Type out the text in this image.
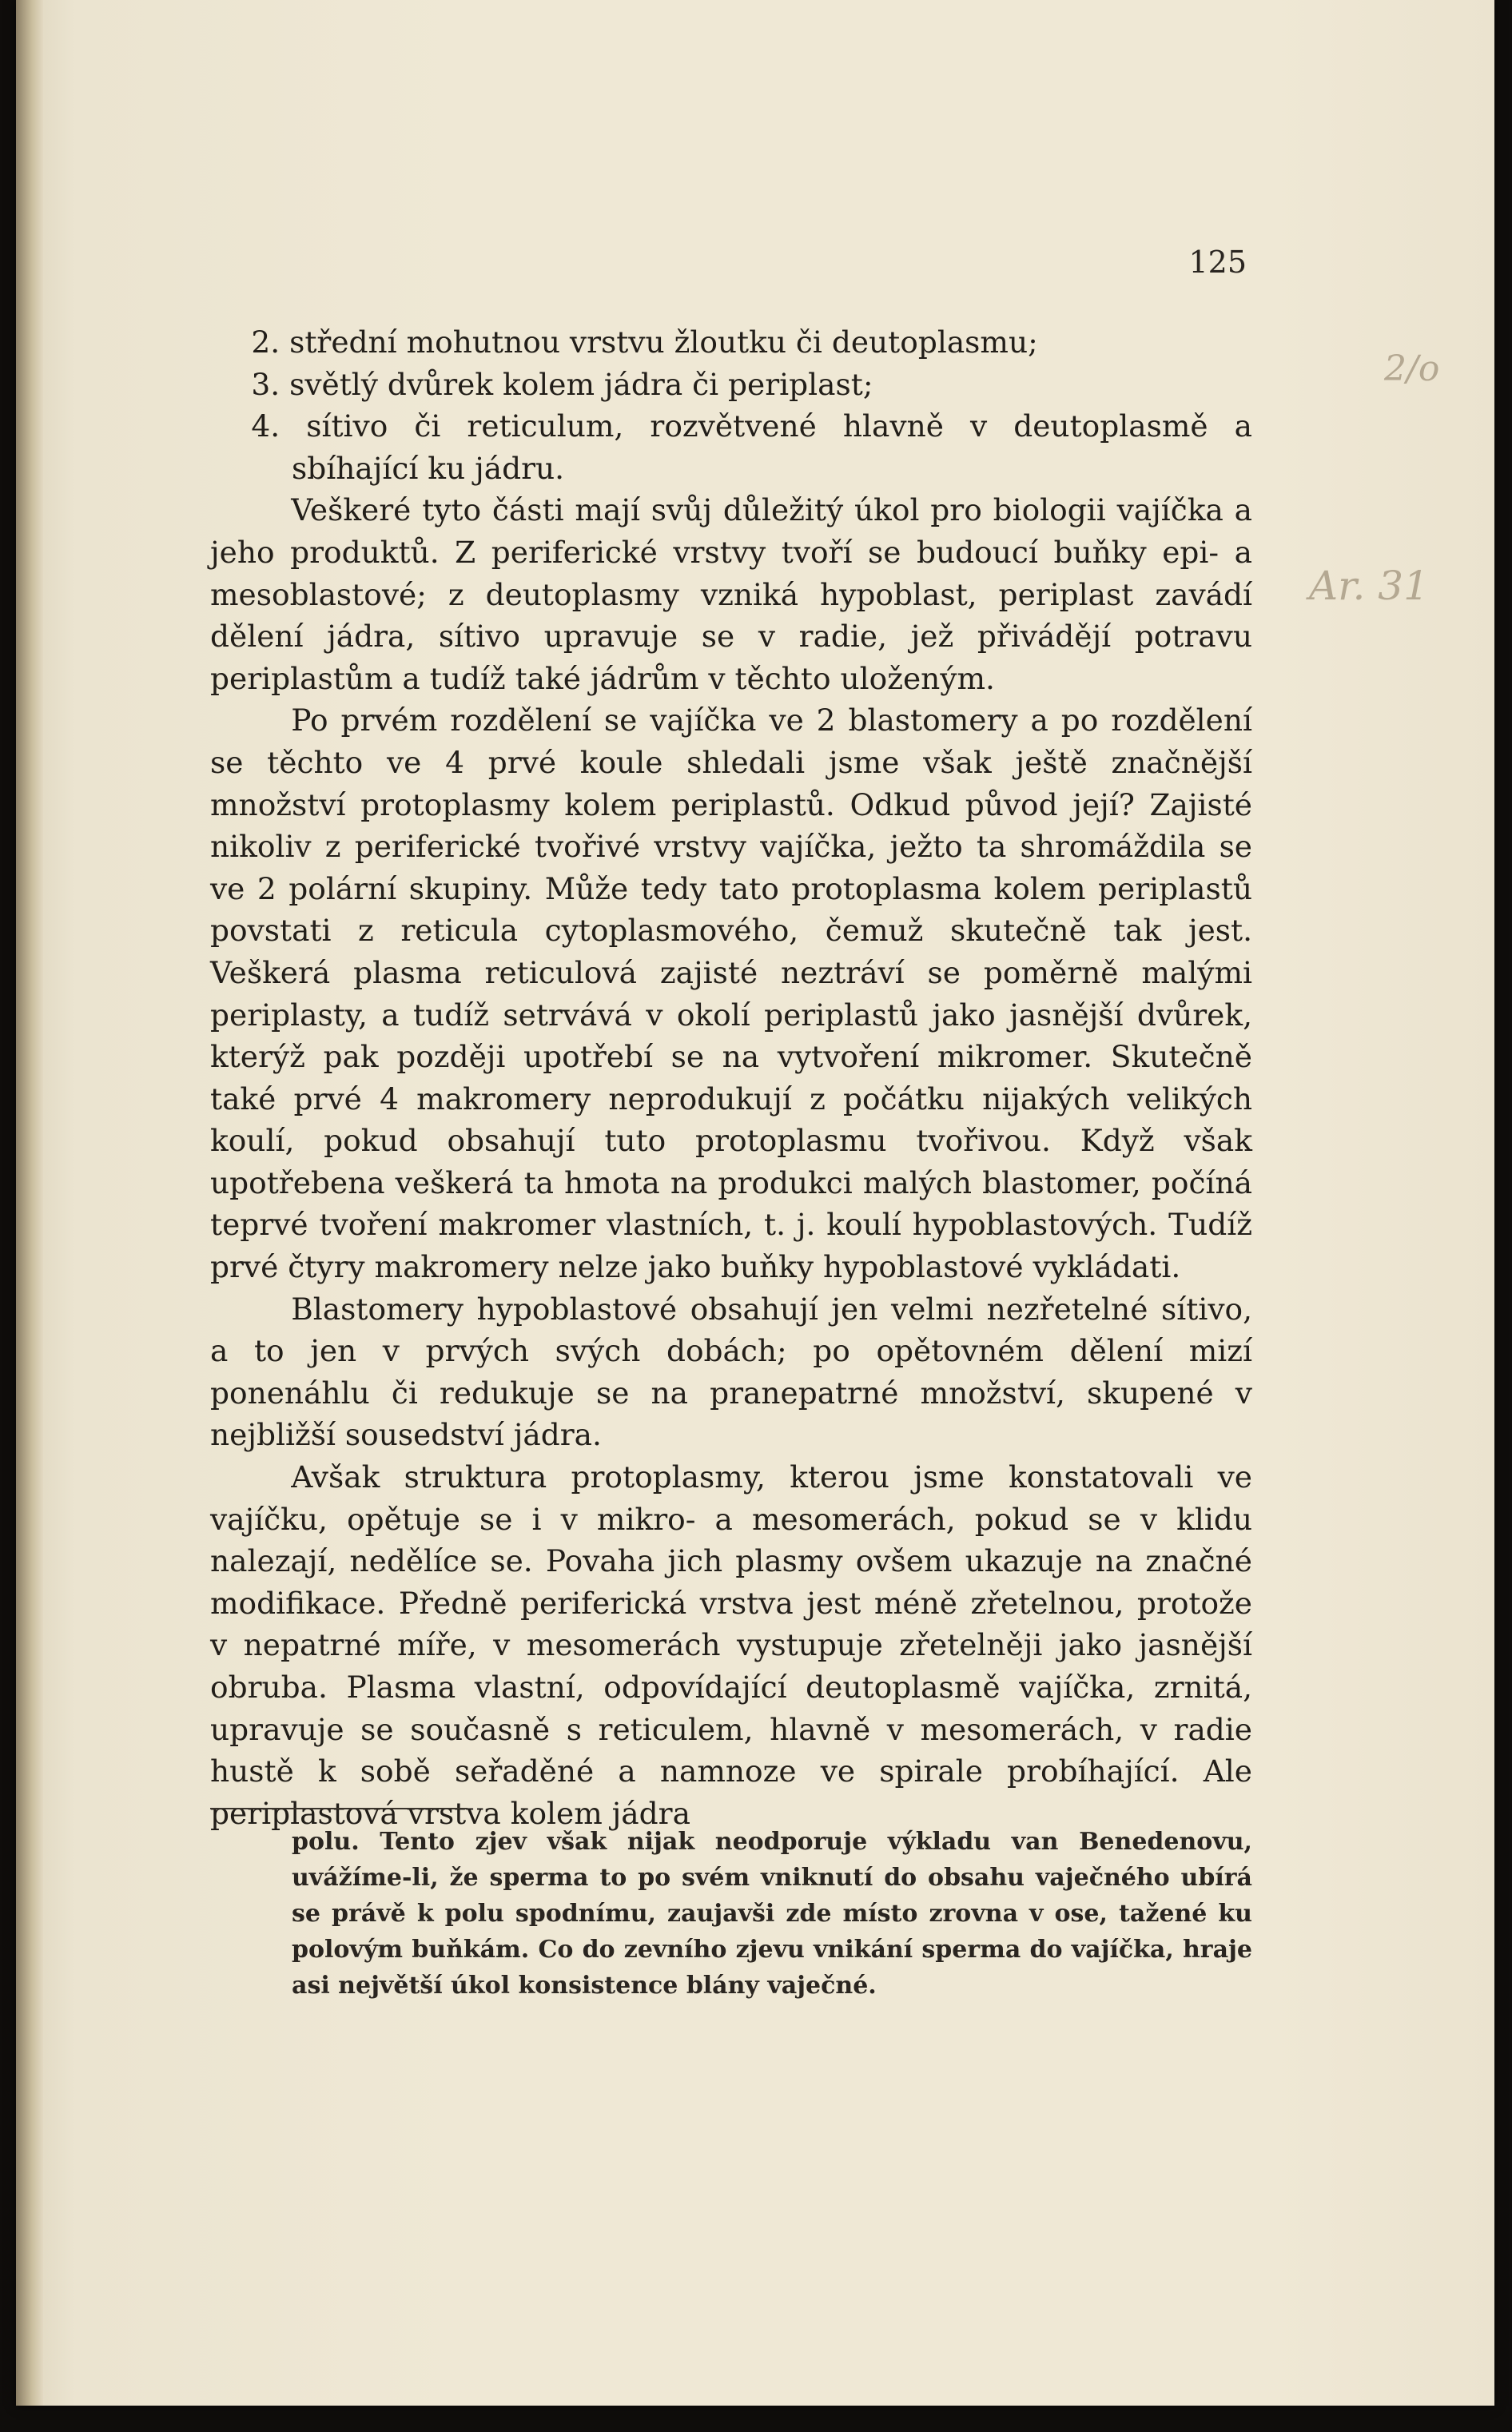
125
2/o
Ar. 31

2. střední mohutnou vrstvu žloutku či deutoplasmu;

3. světlý dvůrek kolem jádra či periplast;

4. sítivo či reticulum, rozvětvené hlavně v deutoplasmě a sbíhající ku jádru.

Veškeré tyto části mají svůj důležitý úkol pro biologii vajíčka a jeho produktů. Z periferické vrstvy tvoří se budoucí buňky epi- a mesoblastové; z deutoplasmy vzniká hypoblast, periplast zavádí dělení jádra, sítivo upravuje se v radie, jež přivádějí potravu periplastům a tudíž také jádrům v těchto uloženým.

Po prvém rozdělení se vajíčka ve 2 blastomery a po rozdělení se těchto ve 4 prvé koule shledali jsme však ještě značnější množství protoplasmy kolem periplastů. Odkud původ její? Zajisté nikoliv z periferické tvořivé vrstvy vajíčka, ježto ta shromáždila se ve 2 polární skupiny. Může tedy tato protoplasma kolem periplastů povstati z reticula cytoplasmového, čemuž skutečně tak jest. Veškerá plasma reticulová zajisté neztráví se poměrně malými periplasty, a tudíž setrvává v okolí periplastů jako jasnější dvůrek, kterýž pak později upotřebí se na vytvoření mikromer. Skutečně také prvé 4 makromery neprodukují z počátku nijakých velikých koulí, pokud obsahují tuto protoplasmu tvořivou. Když však upotřebena veškerá ta hmota na produkci malých blastomer, počíná teprvé tvoření makromer vlastních, t. j. koulí hypoblastových. Tudíž prvé čtyry makromery nelze jako buňky hypoblastové vykládati.

Blastomery hypoblastové obsahují jen velmi nezřetelné sítivo, a to jen v prvých svých dobách; po opětovném dělení mizí ponenáhlu či redukuje se na pranepatrné množství, skupené v nejbližší sousedství jádra.

Avšak struktura protoplasmy, kterou jsme konstatovali ve vajíčku, opětuje se i v mikro- a mesomerách, pokud se v klidu nalezají, nedělíce se. Povaha jich plasmy ovšem ukazuje na značné modifikace. Předně periferická vrstva jest méně zřetelnou, protože v nepatrné míře, v mesomerách vystupuje zřetelněji jako jasnější obruba. Plasma vlastní, odpovídající deutoplasmě vajíčka, zrnitá, upravuje se současně s reticulem, hlavně v mesomerách, v radie hustě k sobě seřaděné a namnoze ve spirale probíhající. Ale periplastová vrstva kolem jádra

polu. Tento zjev však nijak neodporuje výkladu van Benedenovu, uvážíme-li, že sperma to po svém vniknutí do obsahu vaječného ubírá se právě k polu spodnímu, zaujavši zde místo zrovna v ose, tažené ku polovým buňkám. Co do zevního zjevu vnikání sperma do vajíčka, hraje asi největší úkol konsistence blány vaječné.
